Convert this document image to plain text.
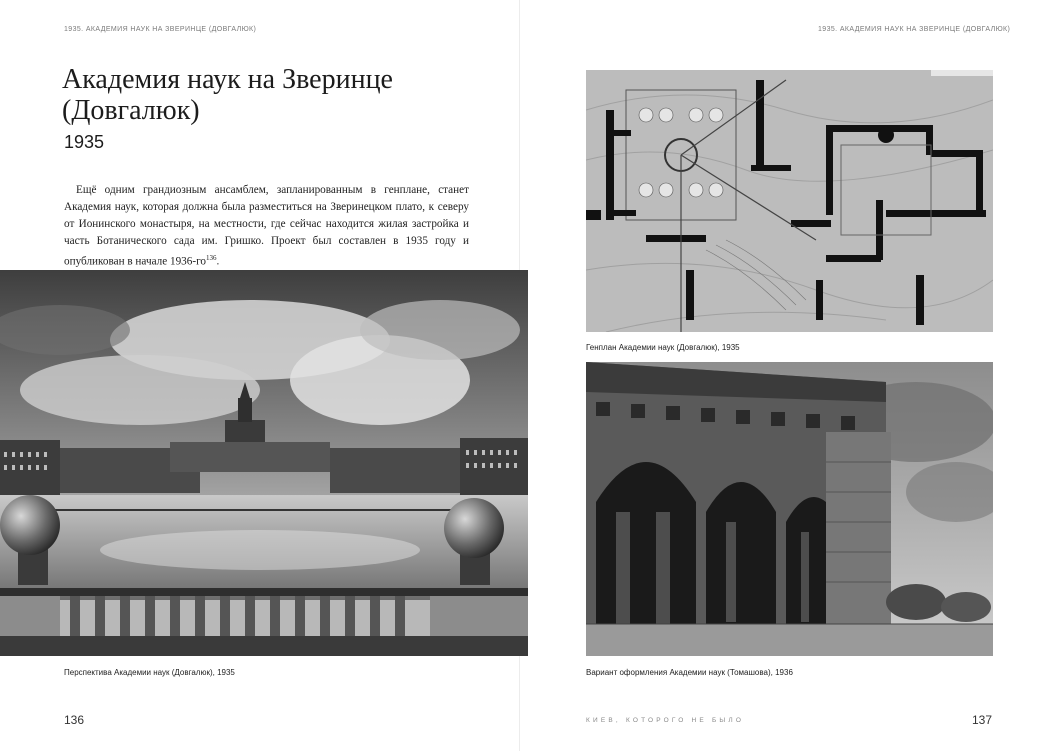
1935. АКАДЕМИЯ НАУК НА ЗВЕРИНЦЕ (ДОВГАЛЮК)	1935. АКАДЕМИЯ НАУК НА ЗВЕРИНЦЕ (ДОВГАЛЮК)
Академия наук на Зверинце (Довгалюк)
1935

Ещё одним грандиозным ансамблем, запланированным в генплане, станет Академия наук, которая должна была разместиться на Зверинецком плато, к северу от Ионинского монастыря, на местности, где сейчас находится жилая застройка и часть Ботанического сада им. Гришко. Проект был составлен в 1935 году и опубликован в начале $1936-го^{136}$.

Перспектива Академии наук (Довгалюк), 1935
Генплан Академии наук (Довгалюк), 1935
Вариант оформления Академии наук (Томашова), 1936
136	КИЕВ, КОТОРОГО НЕ БЫЛО	137
